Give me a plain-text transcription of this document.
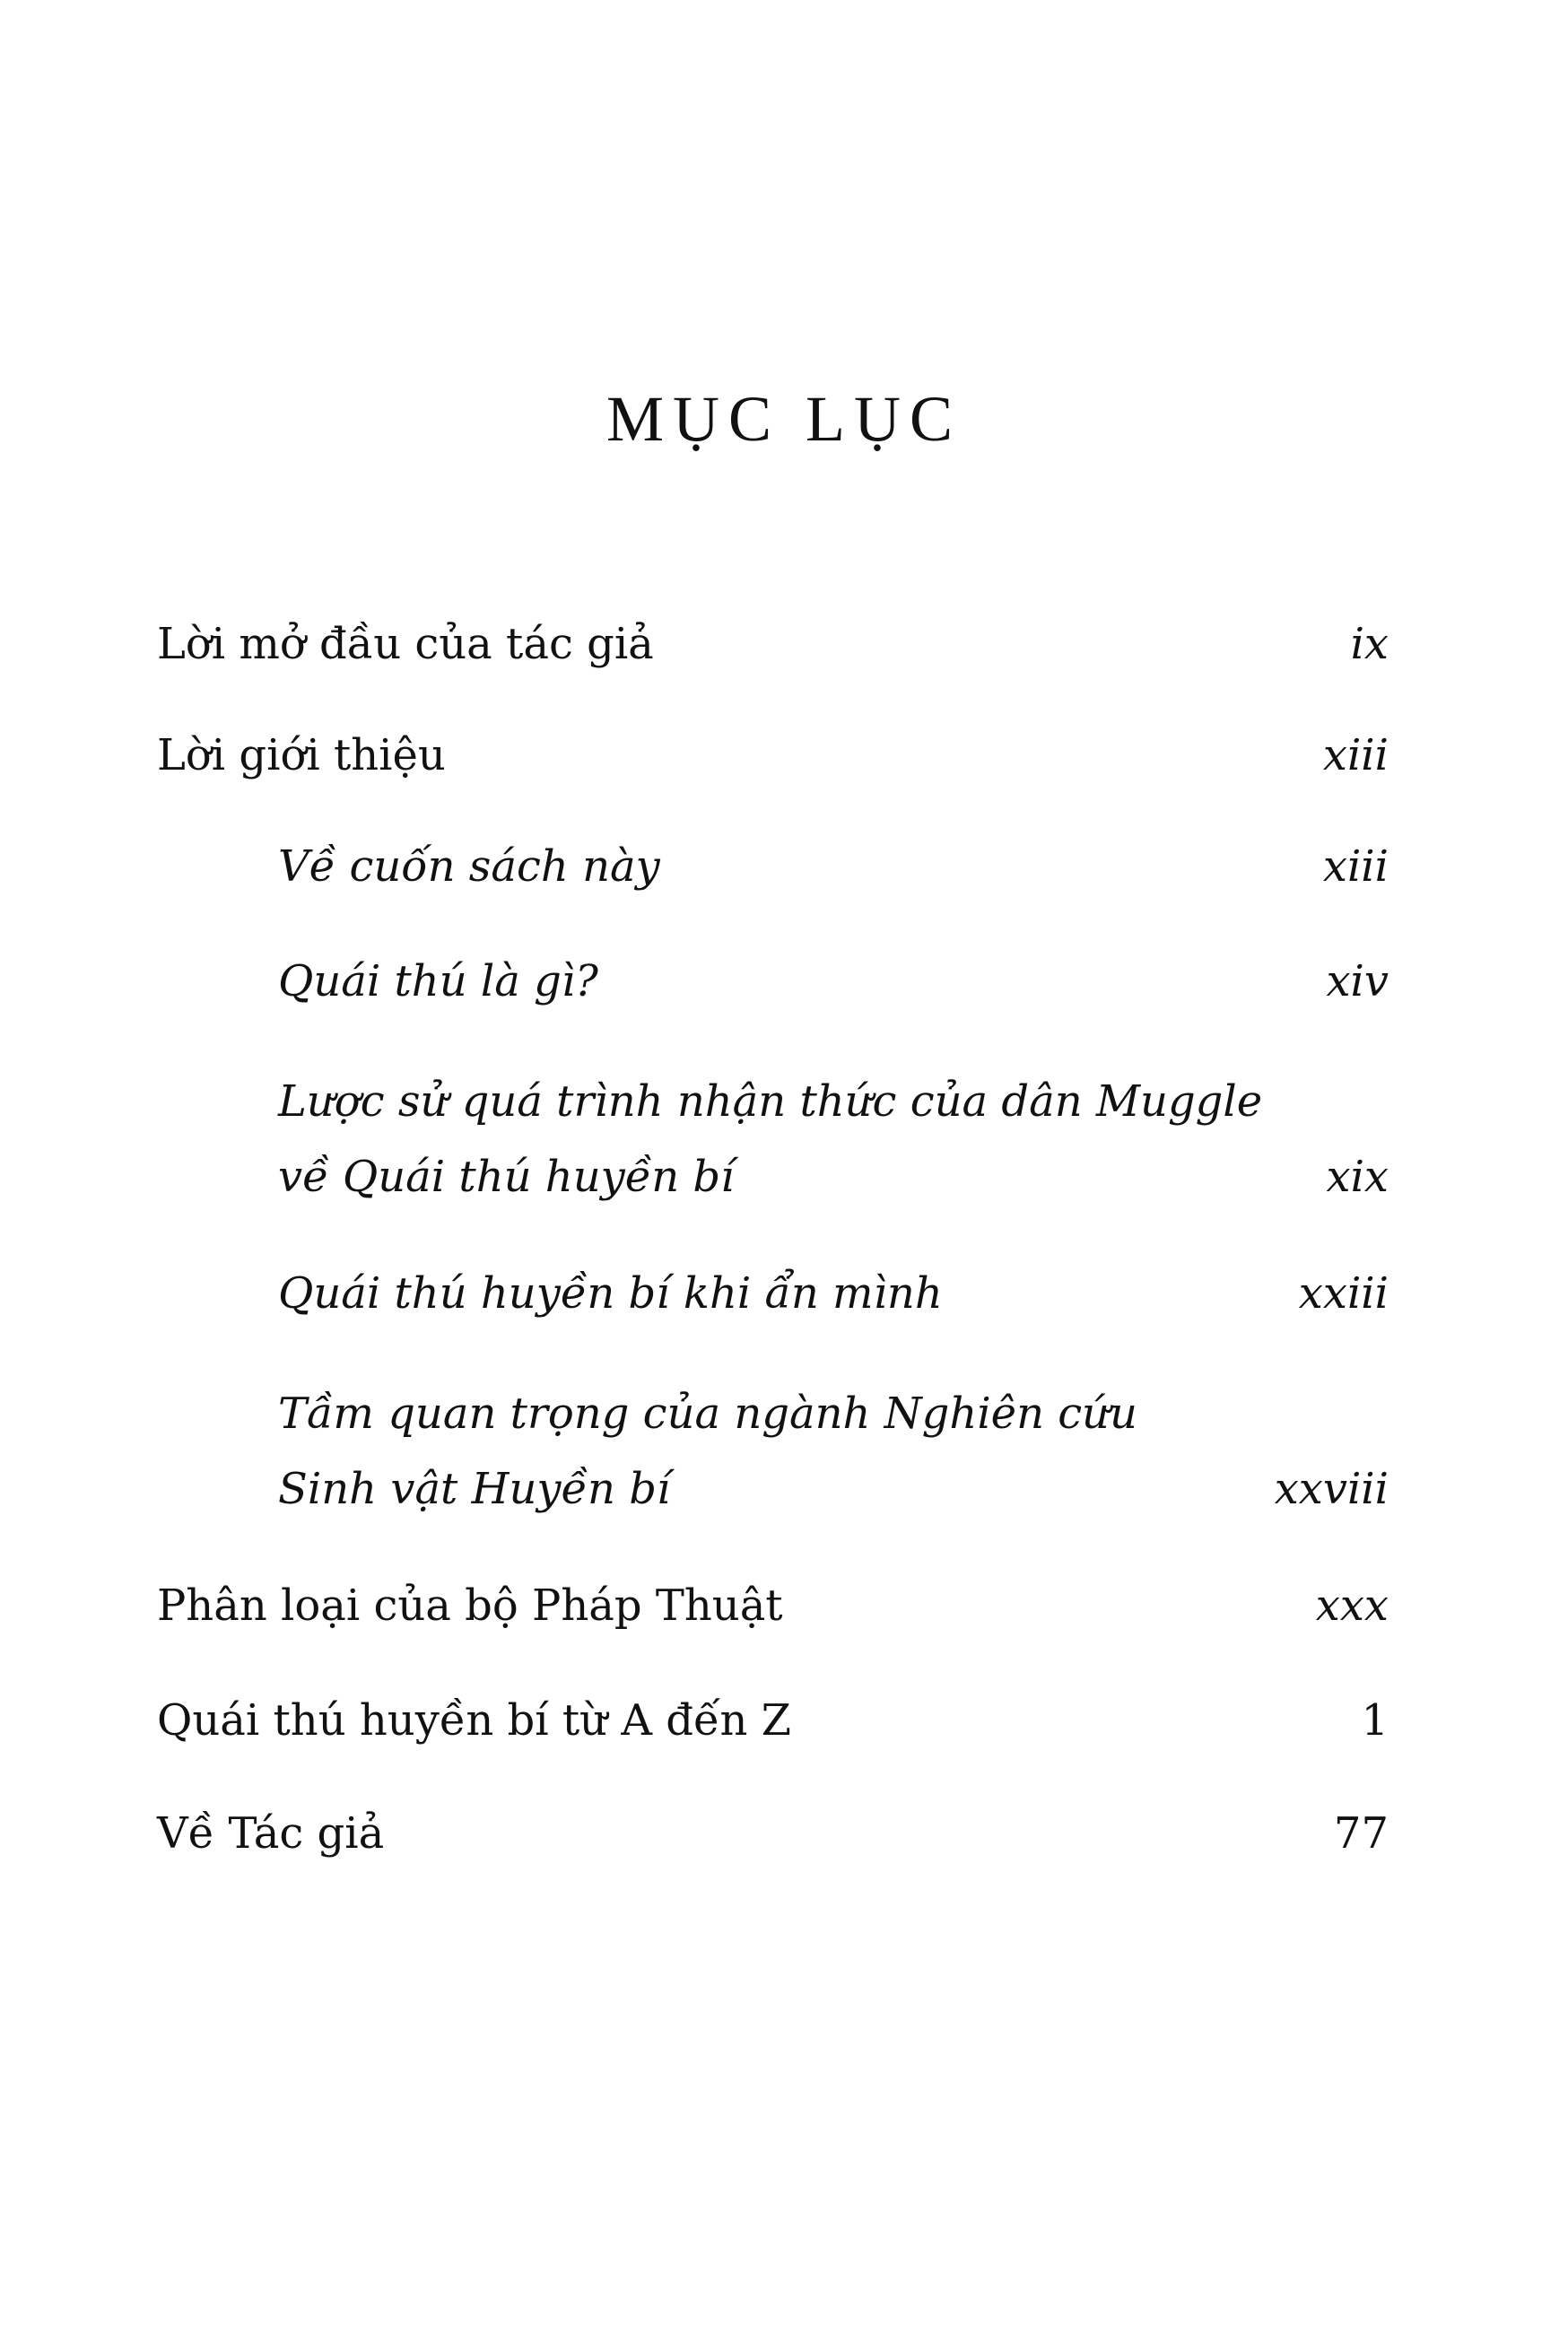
MỤC LỤC
Lời mở đầu của tác giả	ix
Lời giới thiệu	xiii
Về cuốn sách này	xiii
Quái thú là gì?	xiv
Lược sử quá trình nhận thức của dân Muggle
về Quái thú huyền bí	xix
Quái thú huyền bí khi ẩn mình	xxiii
Tầm quan trọng của ngành Nghiên cứu
Sinh vật Huyền bí	xxviii
Phân loại của bộ Pháp Thuật	xxx
Quái thú huyền bí từ A đến Z	1
Về Tác giả	77
